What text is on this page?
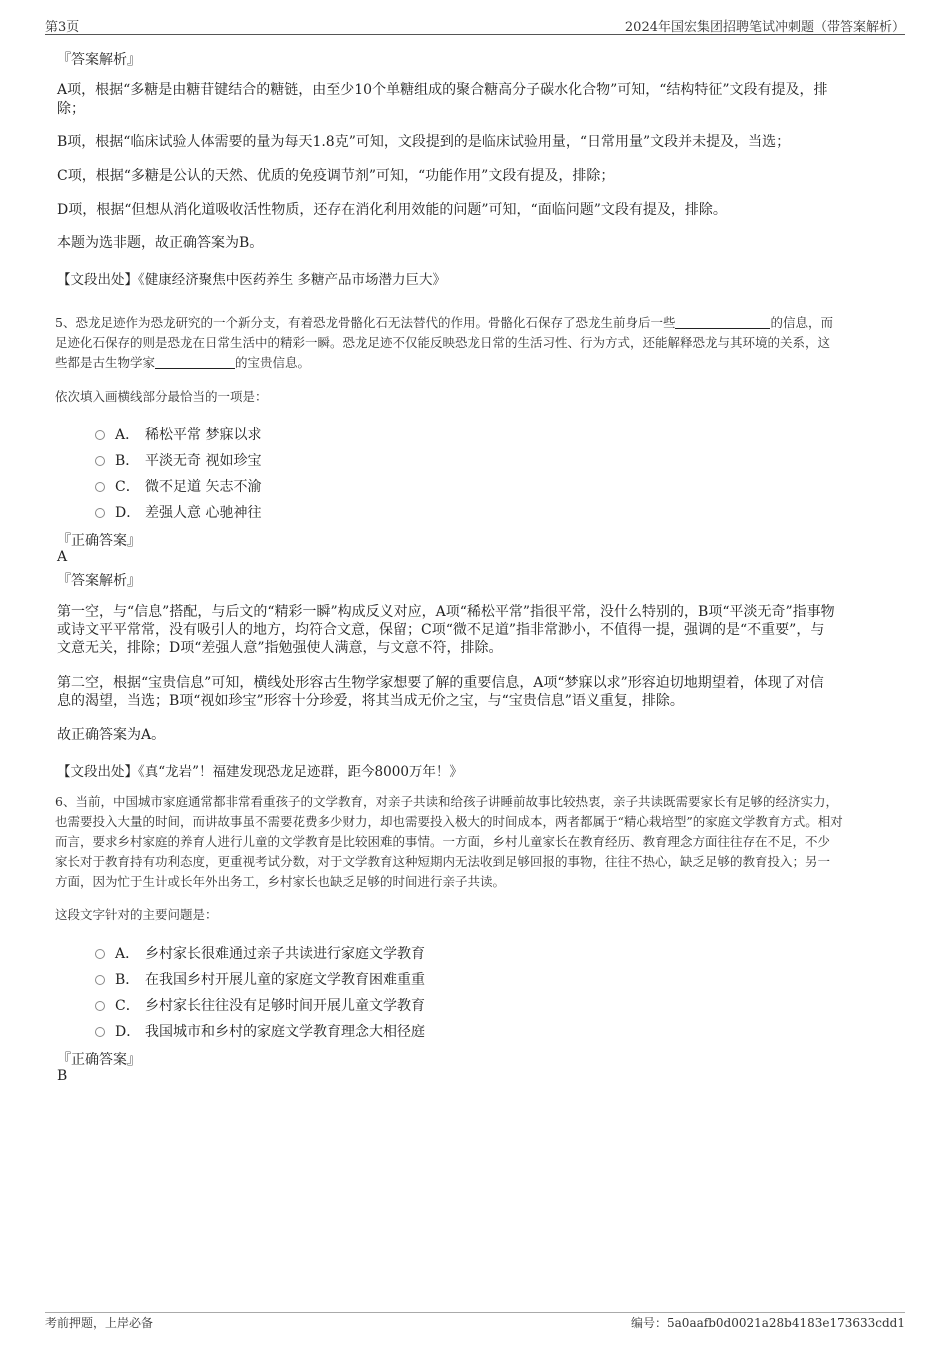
第3页	2024年国宏集团招聘笔试冲刺题（带答案解析）
『答案解析』

A项，根据“多糖是由糖苷键结合的糖链，由至少10个单糖组成的聚合糖高分子碳水化合物”可知，“结构特征”文段有提及，排

除；

B项，根据“临床试验人体需要的量为每天1.8克”可知，文段提到的是临床试验用量，“日常用量”文段并未提及，当选；

C项，根据“多糖是公认的天然、优质的免疫调节剂”可知，“功能作用”文段有提及，排除；

D项，根据“但想从消化道吸收活性物质，还存在消化利用效能的问题”可知，“面临问题”文段有提及，排除。

本题为选非题，故正确答案为B。

【文段出处】《健康经济聚焦中医药养生 多糖产品市场潜力巨大》

5、恐龙足迹作为恐龙研究的一个新分支，有着恐龙骨骼化石无法替代的作用。骨骼化石保存了恐龙生前身后一些	的信息，而

足迹化石保存的则是恐龙在日常生活中的精彩一瞬。恐龙足迹不仅能反映恐龙日常的生活习性、行为方式，还能解释恐龙与其环境的关系，这

些都是古生物学家	的宝贵信息。

依次填入画横线部分最恰当的一项是：

A． 稀松平常 梦寐以求
B． 平淡无奇 视如珍宝
C． 微不足道 矢志不渝
D． 差强人意 心驰神往
『正确答案』
A
『答案解析』

第一空，与“信息”搭配，与后文的“精彩一瞬”构成反义对应，A项“稀松平常”指很平常，没什么特别的，B项“平淡无奇”指事物

或诗文平平常常，没有吸引人的地方，均符合文意，保留；C项“微不足道”指非常渺小，不值得一提，强调的是“不重要”，与

文意无关，排除；D项“差强人意”指勉强使人满意，与文意不符，排除。

第二空，根据“宝贵信息”可知，横线处形容古生物学家想要了解的重要信息，A项“梦寐以求”形容迫切地期望着，体现了对信

息的渴望，当选；B项“视如珍宝”形容十分珍爱，将其当成无价之宝，与“宝贵信息”语义重复，排除。

故正确答案为A。

【文段出处】《真“龙岩”！福建发现恐龙足迹群，距今8000万年！》

6、当前，中国城市家庭通常都非常看重孩子的文学教育，对亲子共读和给孩子讲睡前故事比较热衷，亲子共读既需要家长有足够的经济实力，

也需要投入大量的时间，而讲故事虽不需要花费多少财力，却也需要投入极大的时间成本，两者都属于“精心栽培型”的家庭文学教育方式。相对

而言，要求乡村家庭的养育人进行儿童的文学教育是比较困难的事情。一方面，乡村儿童家长在教育经历、教育理念方面往往存在不足，不少

家长对于教育持有功利态度，更重视考试分数，对于文学教育这种短期内无法收到足够回报的事物，往往不热心，缺乏足够的教育投入；另一

方面，因为忙于生计或长年外出务工，乡村家长也缺乏足够的时间进行亲子共读。

这段文字针对的主要问题是：

A． 乡村家长很难通过亲子共读进行家庭文学教育
B． 在我国乡村开展儿童的家庭文学教育困难重重
C． 乡村家长往往没有足够时间开展儿童文学教育
D． 我国城市和乡村的家庭文学教育理念大相径庭
『正确答案』
B
考前押题，上岸必备	编号：5a0aafb0d0021a28b4183e173633cdd1
